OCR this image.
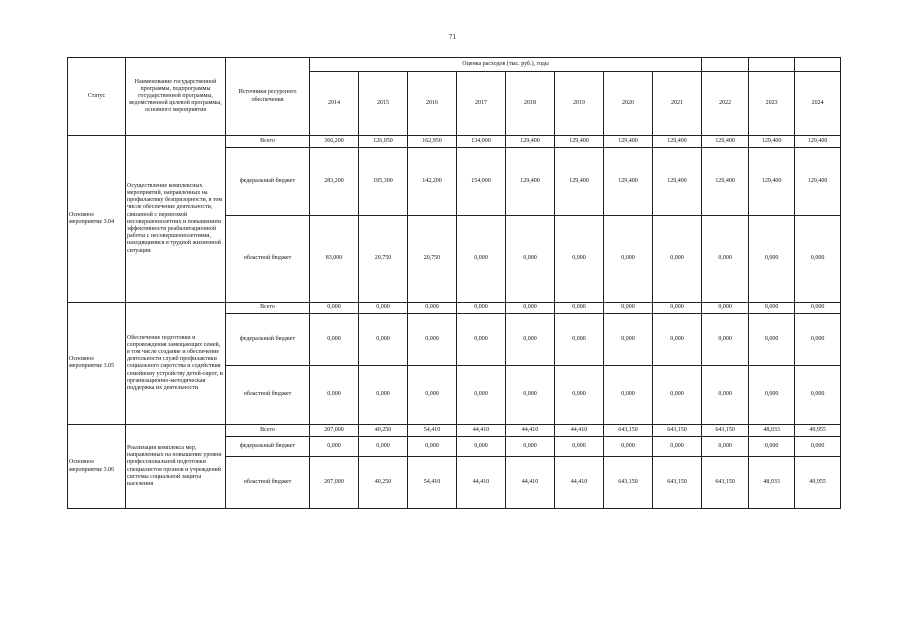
71
Статус	Наименование государственной программы, подпрограммы государственной программы, ведомственной целевой программы, основного мероприятия	Источники ресурсного обеспечения	Оценка расходов (тыс. руб.), годы										
			2014	2015	2016	2017	2018	2019	2020	2021	2022	2023	2024
Основное мероприятие 3.04	Осуществление комплексных мероприятий, направленных на профилактику безпризорности, в том числе обеспечение деятельности, связанной с перевозкой несовершеннолетних и повышением эффективности реабилитационной работы с несовершеннолетними, находящимися в трудной жизненной ситуации	Всего	366,200	126,050	162,950	134,000	129,400	129,400	129,400	129,400	129,400	129,400	129,400
		федеральный бюджет	283,200	105,300	142,200	154,000	129,400	129,400	129,400	129,400	129,400	129,400	129,400
		областной бюджет	83,000	20,750	20,750	0,000	0,000	0,000	0,000	0,000	0,000	0,000	0,000
Основное мероприятие 3.05	Обеспечение подготовки и сопровождения замещающих семей, в том числе создание и обеспечение деятельности служб профилактики социального сиротства и содействия семейному устройству детей-сирот, и организационно-методическая поддержка их деятельности	Всего	0,000	0,000	0,000	0,000	0,000	0,000	0,000	0,000	0,000	0,000	0,000
		федеральный бюджет	0,000	0,000	0,000	0,000	0,000	0,000	0,000	0,000	0,000	0,000	0,000
		областной бюджет	0,000	0,000	0,000	0,000	0,000	0,000	0,000	0,000	0,000	0,000	0,000
Основное мероприятие 3.06	Реализация комплекса мер, направленных на повышение уровня профессиональной подготовки специалистов органов и учреждений системы социальной защиты населения	Всего	207,000	40,250	54,410	44,410	44,410	44,410	643,150	643,150	643,150	48,033	49,955
		федеральный бюджет	0,000	0,000	0,000	0,000	0,000	0,000	0,000	0,000	0,000	0,000	0,000
		областной бюджет	207,000	40,250	54,410	44,410	44,410	44,410	643,150	643,150	643,150	48,033	49,955
